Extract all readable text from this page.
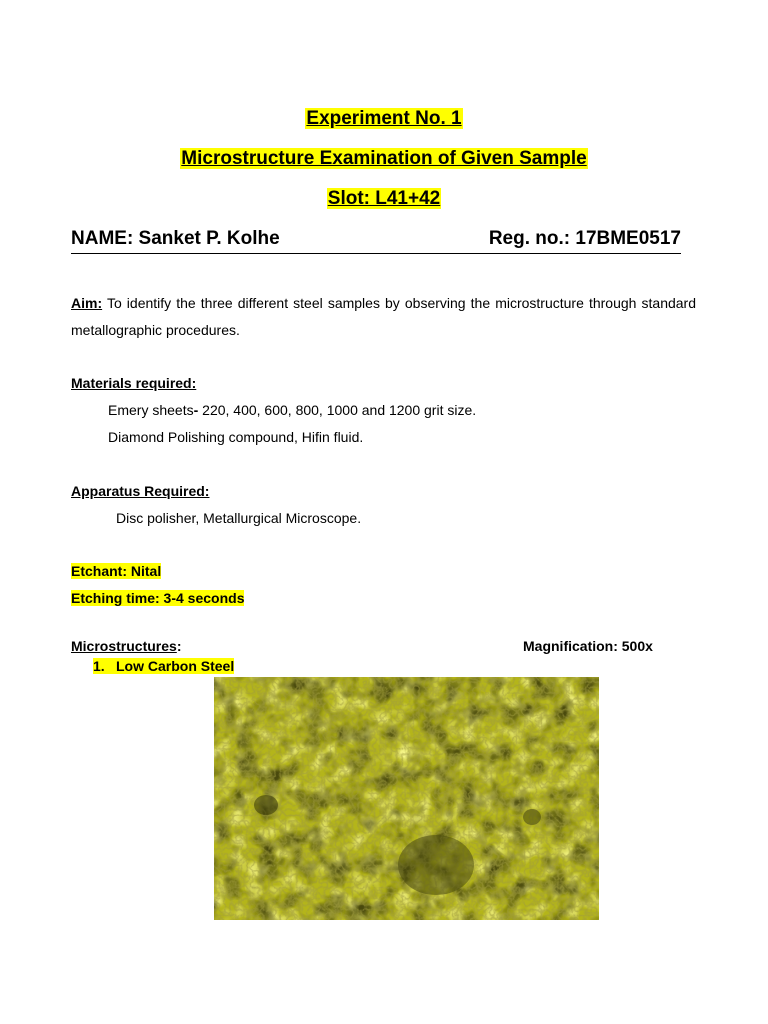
Experiment No. 1
Microstructure Examination of Given Sample
Slot: L41+42
NAME: Sanket P. Kolhe	Reg. no.: 17BME0517
Aim: To identify the three different steel samples by observing the microstructure through standard metallographic procedures.
Materials required:
Emery sheets- 220, 400, 600, 800, 1000 and 1200 grit size.
Diamond Polishing compound, Hifin fluid.
Apparatus Required:
Disc polisher, Metallurgical Microscope.
Etchant: Nital
Etching time: 3-4 seconds
Microstructures:	Magnification: 500x
1. Low Carbon Steel
